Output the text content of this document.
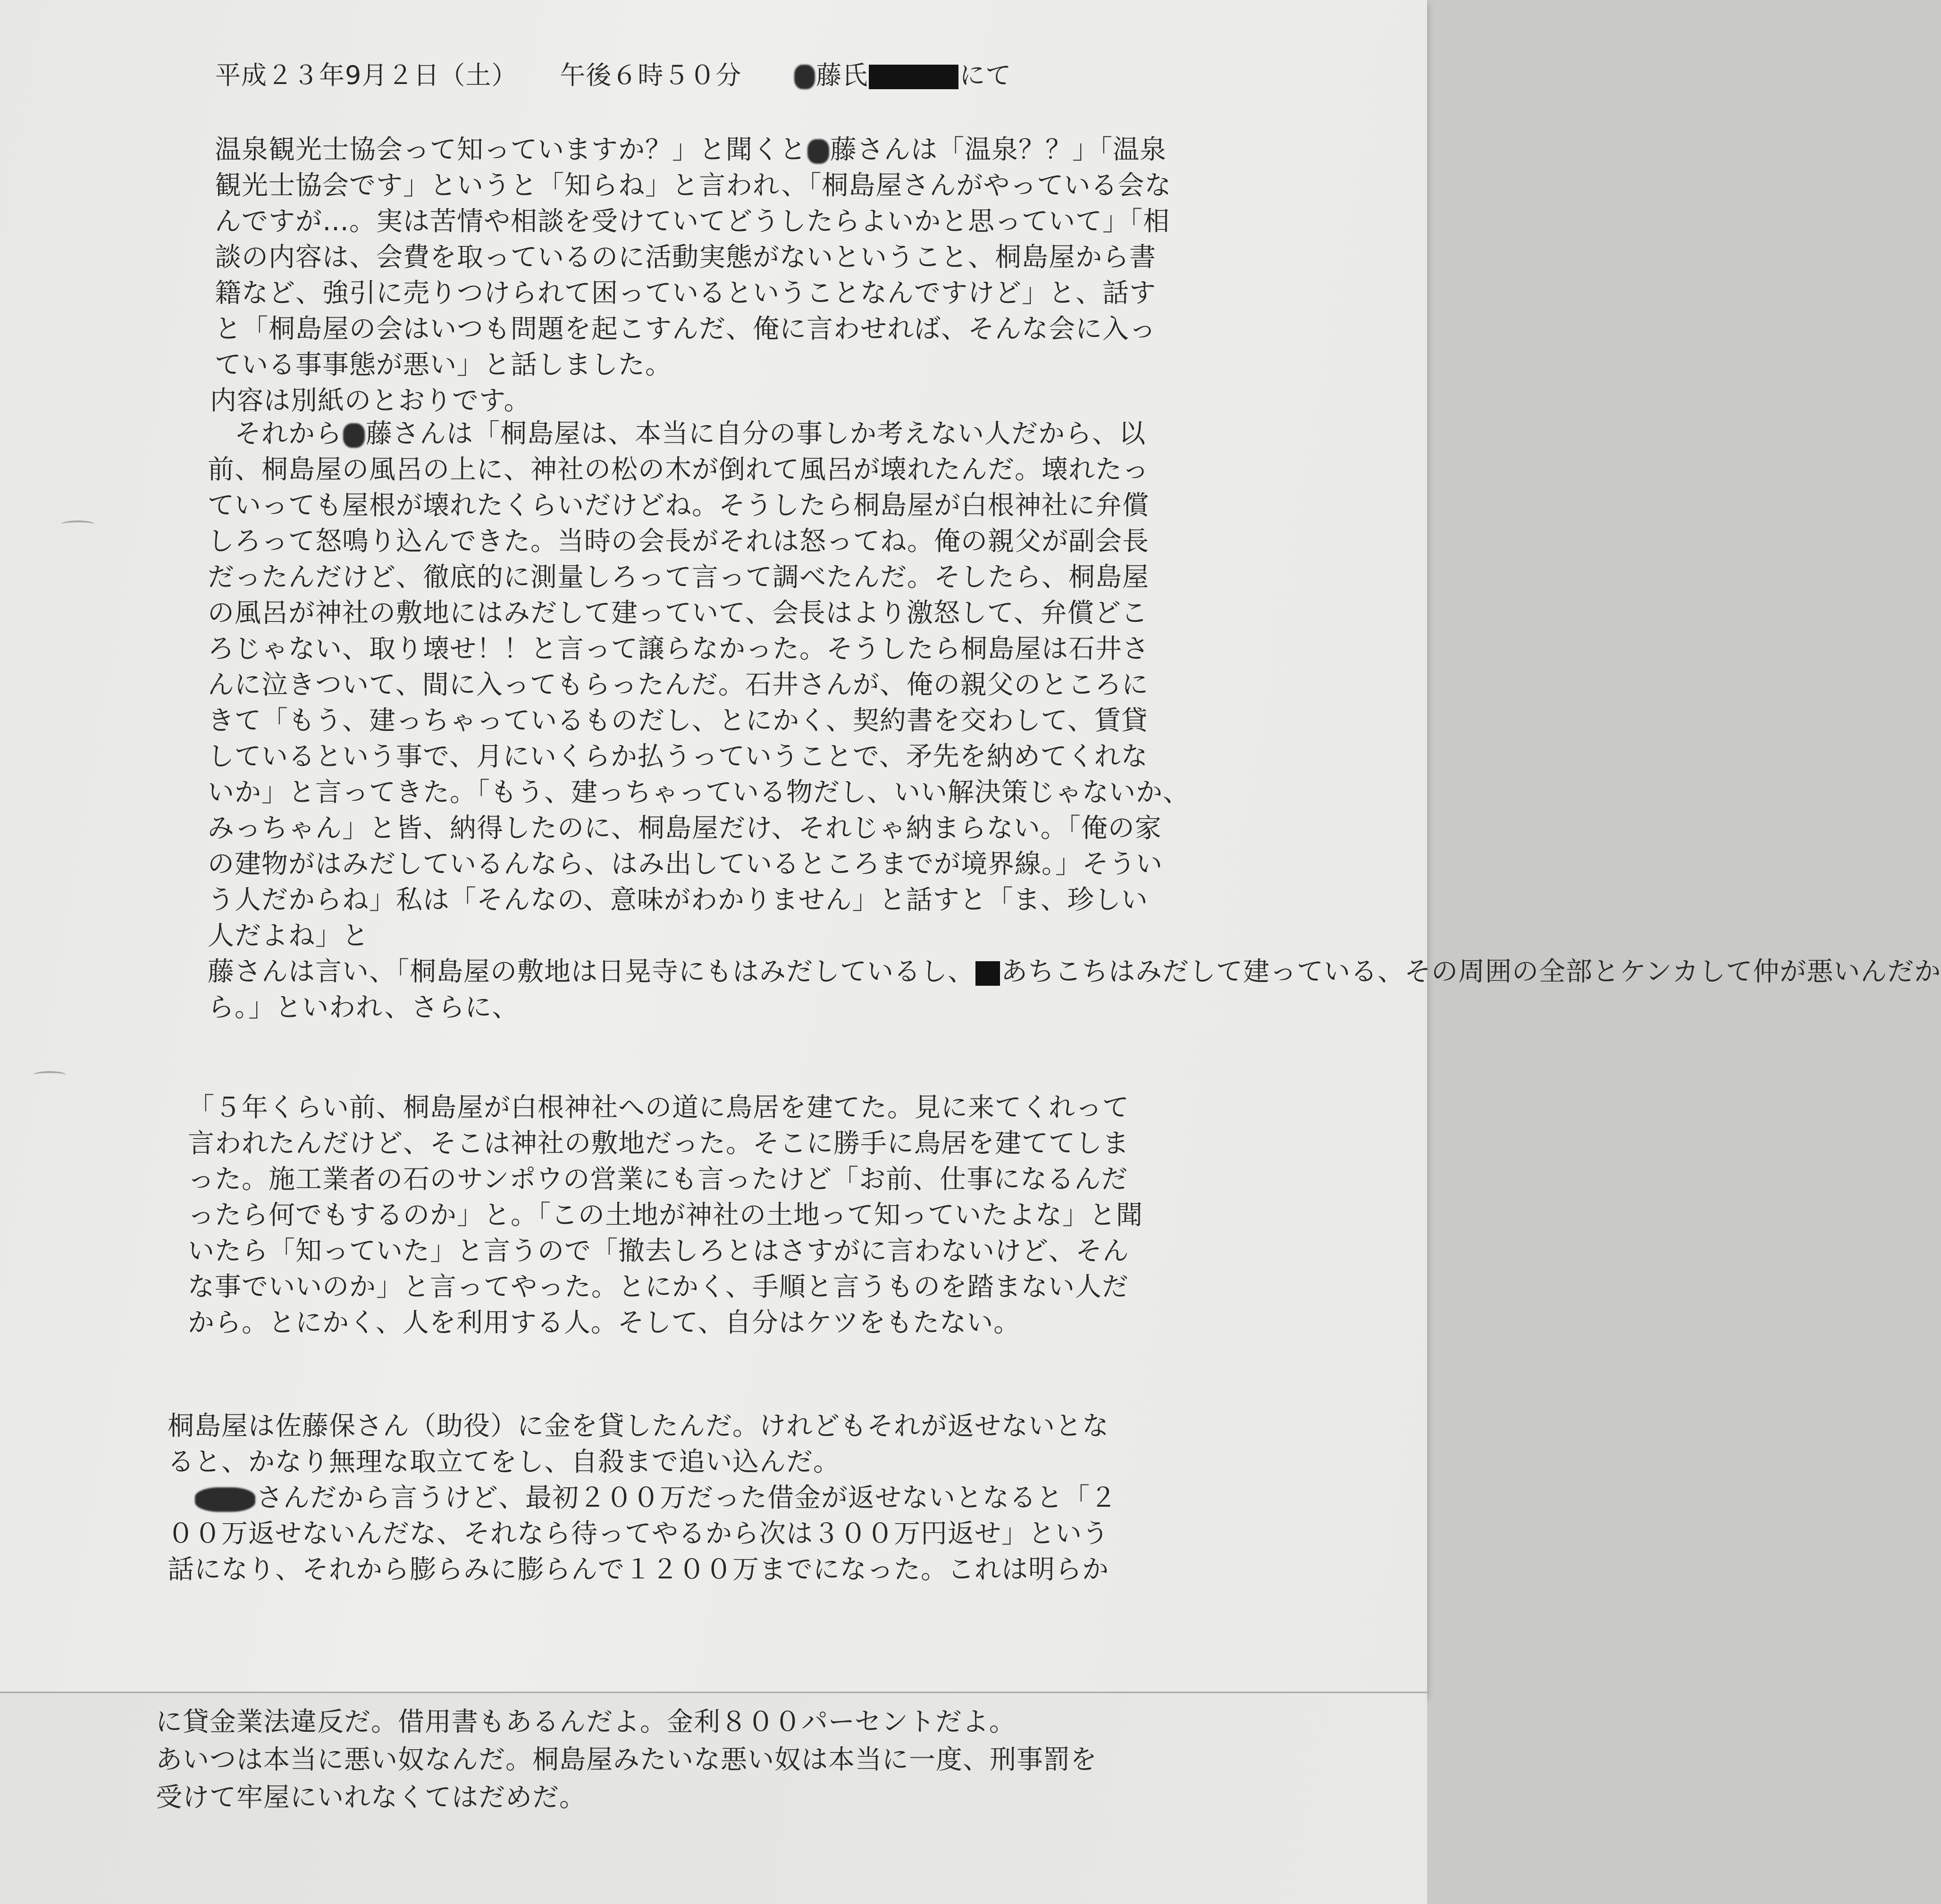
平成２３年9月２日（土） 午後６時５０分	藤氏	にて
温泉観光士協会って知っていますか？」と聞くと 藤さんは「温泉？？」「温泉
観光士協会です」というと「知らね」と言われ、「桐島屋さんがやっている会な
んですが…。実は苦情や相談を受けていてどうしたらよいかと思っていて」「相
談の内容は、会費を取っているのに活動実態がないということ、桐島屋から書
籍など、強引に売りつけられて困っているということなんですけど」と、話す
と「桐島屋の会はいつも問題を起こすんだ、俺に言わせれば、そんな会に入っ
ている事事態が悪い」と話しました。
内容は別紙のとおりです。
　それから 藤さんは「桐島屋は、本当に自分の事しか考えない人だから、以
前、桐島屋の風呂の上に、神社の松の木が倒れて風呂が壊れたんだ。壊れたっ
ていっても屋根が壊れたくらいだけどね。そうしたら桐島屋が白根神社に弁償
しろって怒鳴り込んできた。当時の会長がそれは怒ってね。俺の親父が副会長
だったんだけど、徹底的に測量しろって言って調べたんだ。そしたら、桐島屋
の風呂が神社の敷地にはみだして建っていて、会長はより激怒して、弁償どこ
ろじゃない、取り壊せ！！と言って譲らなかった。そうしたら桐島屋は石井さ
んに泣きついて、間に入ってもらったんだ。石井さんが、俺の親父のところに
きて「もう、建っちゃっているものだし、とにかく、契約書を交わして、賃貸
しているという事で、月にいくらか払うっていうことで、矛先を納めてくれな
いか」と言ってきた。「もう、建っちゃっている物だし、いい解決策じゃないか、
みっちゃん」と皆、納得したのに、桐島屋だけ、それじゃ納まらない。「俺の家
の建物がはみだしているんなら、はみ出しているところまでが境界線。」そうい
う人だからね」私は「そんなの、意味がわかりません」と話すと「ま、珍しい
人だよね」と
藤さんは言い、「桐島屋の敷地は日晃寺にもはみだしているし、 あちこちはみだして建っている、その周囲の全部とケンカして仲が悪いんだか
ら。」といわれ、さらに、
「５年くらい前、桐島屋が白根神社への道に鳥居を建てた。見に来てくれって
言われたんだけど、そこは神社の敷地だった。そこに勝手に鳥居を建ててしま
った。施工業者の石のサンポウの営業にも言ったけど「お前、仕事になるんだ
ったら何でもするのか」と。「この土地が神社の土地って知っていたよな」と聞
いたら「知っていた」と言うので「撤去しろとはさすがに言わないけど、そん
な事でいいのか」と言ってやった。とにかく、手順と言うものを踏まない人だ
から。とにかく、人を利用する人。そして、自分はケツをもたない。
桐島屋は佐藤保さん（助役）に金を貸したんだ。けれどもそれが返せないとな
ると、かなり無理な取立てをし、自殺まで追い込んだ。
さんだから言うけど、最初２００万だった借金が返せないとなると「２
００万返せないんだな、それなら待ってやるから次は３００万円返せ」という
話になり、それから膨らみに膨らんで１２００万までになった。これは明らか
に貸金業法違反だ。借用書もあるんだよ。金利８００パーセントだよ。
あいつは本当に悪い奴なんだ。桐島屋みたいな悪い奴は本当に一度、刑事罰を
受けて牢屋にいれなくてはだめだ。
